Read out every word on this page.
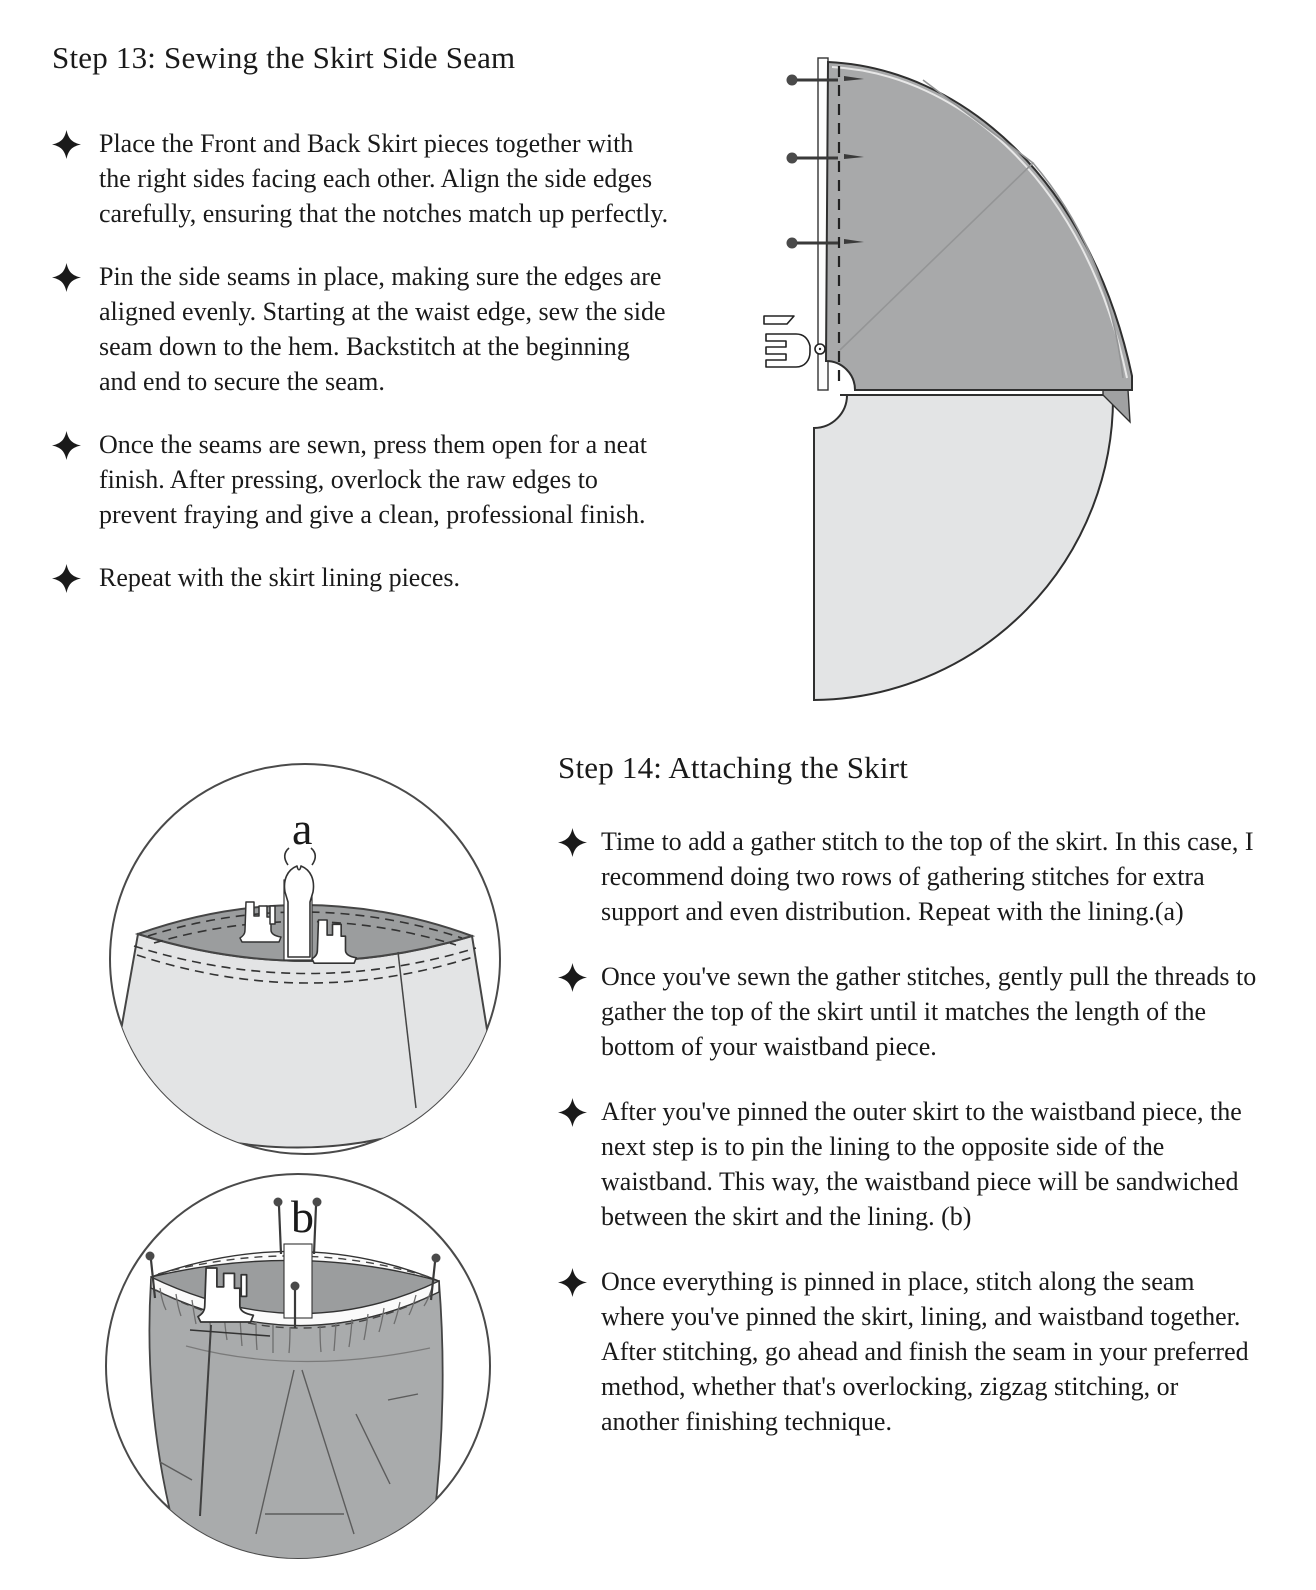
Step 13: Sewing the Skirt Side Seam
Place the Front and Back Skirt pieces together with the right sides facing each other. Align the side edges carefully, ensuring that the notches match up perfectly.
Pin the side seams in place, making sure the edges are aligned evenly. Starting at the waist edge, sew the side seam down to the hem. Backstitch at the beginning and end to secure the seam.
Once the seams are sewn, press them open for a neat finish. After pressing, overlock the raw edges to prevent fraying and give a clean, professional finish.
Repeat with the skirt lining pieces.
a
Step 14: Attaching the Skirt
Time to add a gather stitch to the top of the skirt. In this case, I recommend doing two rows of gathering stitches for extra support and even distribution. Repeat with the lining.(a)
Once you've sewn the gather stitches, gently pull the threads to gather the top of the skirt until it matches the length of the bottom of your waistband piece.
After you've pinned the outer skirt to the waistband piece, the next step is to pin the lining to the opposite side of the waistband. This way, the waistband piece will be sandwiched between the skirt and the lining. (b)
Once everything is pinned in place, stitch along the seam where you've pinned the skirt, lining, and waistband together. After stitching, go ahead and finish the seam in your preferred method, whether that's overlocking, zigzag stitching, or another finishing technique.
b
